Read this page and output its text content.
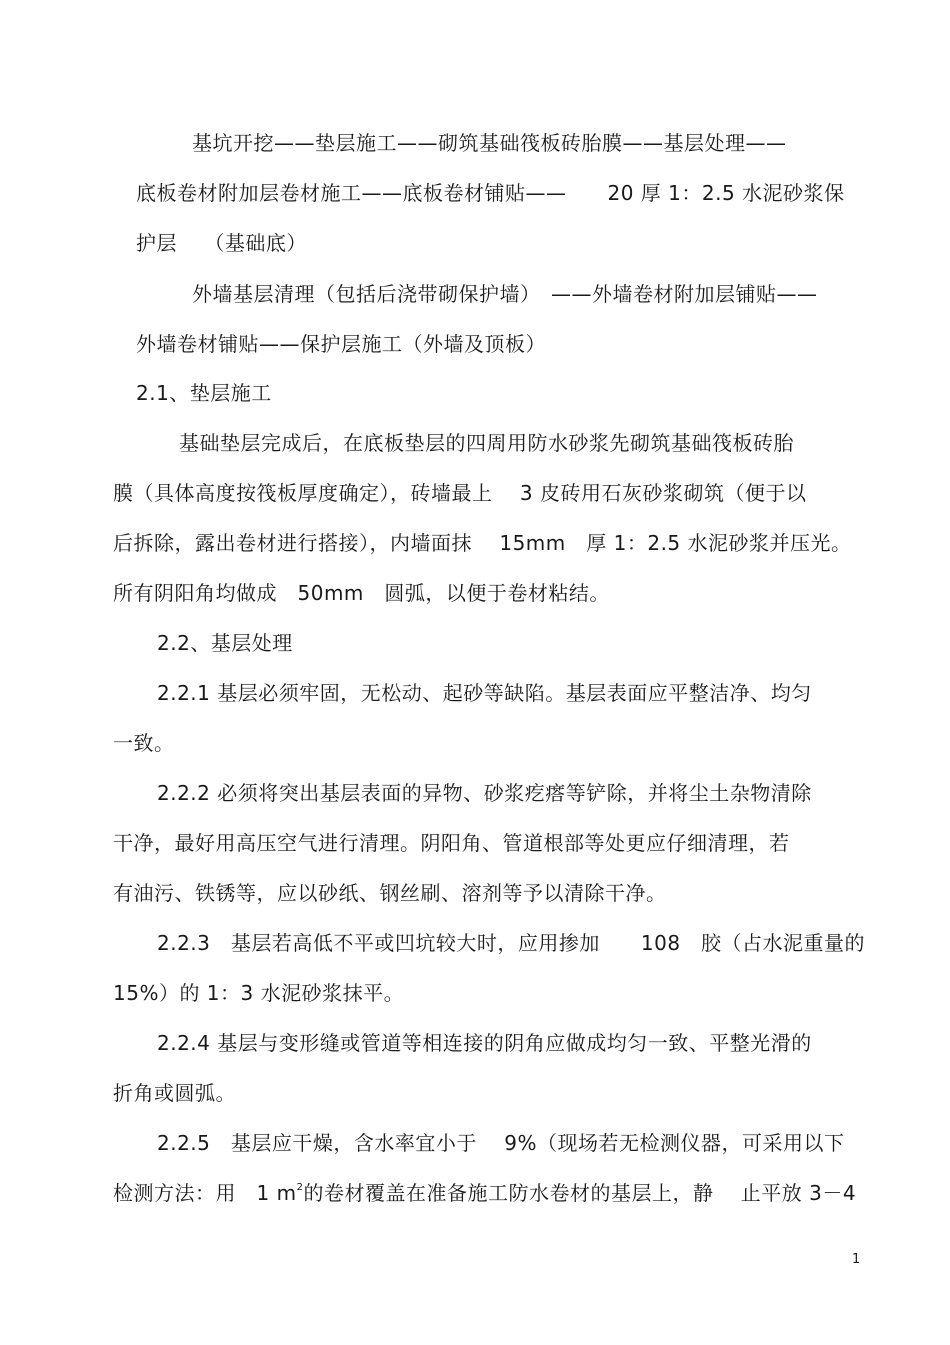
基坑开挖——垫层施工——砌筑基础筏板砖胎膜——基层处理——
底板卷材附加层卷材施工——底板卷材铺贴——　　20 厚 1：2.5 水泥砂浆保
护层　 （基础底）
外墙基层清理（包括后浇带砌保护墙）　——外墙卷材附加层铺贴——
外墙卷材铺贴——保护层施工（外墙及顶板）
2.1、垫层施工
基础垫层完成后，在底板垫层的四周用防水砂浆先砌筑基础筏板砖胎
膜（具体高度按筏板厚度确定），砖墙最上　 3 皮砖用石灰砂浆砌筑（便于以
后拆除，露出卷材进行搭接），内墙面抹　 15mm　厚 1：2.5 水泥砂浆并压光。
所有阴阳角均做成　50mm　圆弧，以便于卷材粘结。
2.2、基层处理
2.2.1 基层必须牢固，无松动、起砂等缺陷。基层表面应平整洁净、均匀
一致。
2.2.2 必须将突出基层表面的异物、砂浆疙瘩等铲除，并将尘土杂物清除
干净，最好用高压空气进行清理。阴阳角、管道根部等处更应仔细清理，若
有油污、铁锈等，应以砂纸、钢丝刷、溶剂等予以清除干净。
2.2.3　基层若高低不平或凹坑较大时，应用掺加　　108　胶（占水泥重量的
15%）的 1：3 水泥砂浆抹平。
2.2.4 基层与变形缝或管道等相连接的阴角应做成均匀一致、平整光滑的
折角或圆弧。
2.2.5　基层应干燥，含水率宜小于　 9%（现场若无检测仪器，可采用以下
检测方法：用　1 $m^2$的卷材覆盖在准备施工防水卷材的基层上，静　 止平放 3－4
1
